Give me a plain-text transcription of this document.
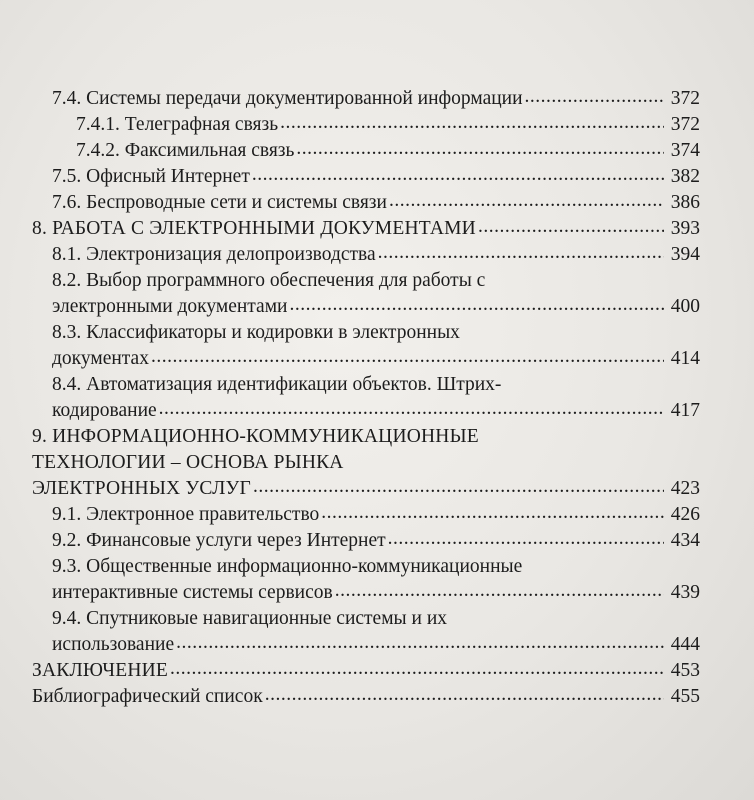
7.4. Системы передачи документированной информации .....	372
7.4.1. Телеграфная связь .....	372
7.4.2. Факсимильная связь .....	374
7.5. Офисный Интернет .....	382
7.6. Беспроводные сети и системы связи .....	386
8. РАБОТА С ЭЛЕКТРОННЫМИ ДОКУМЕНТАМИ .....	393
8.1. Электронизация делопроизводства .....	394
8.2. Выбор программного обеспечения для работы с
электронными документами .....	400
8.3. Классификаторы и кодировки в электронных
документах .....	414
8.4. Автоматизация идентификации объектов. Штрих-
кодирование .....	417
9. ИНФОРМАЦИОННО-КОММУНИКАЦИОННЫЕ
ТЕХНОЛОГИИ – ОСНОВА РЫНКА
ЭЛЕКТРОННЫХ УСЛУГ .....	423
9.1. Электронное правительство .....	426
9.2. Финансовые услуги через Интернет .....	434
9.3. Общественные информационно-коммуникационные
интерактивные системы сервисов .....	439
9.4. Спутниковые навигационные системы и их
использование .....	444
ЗАКЛЮЧЕНИЕ .....	453
Библиографический список .....	455
